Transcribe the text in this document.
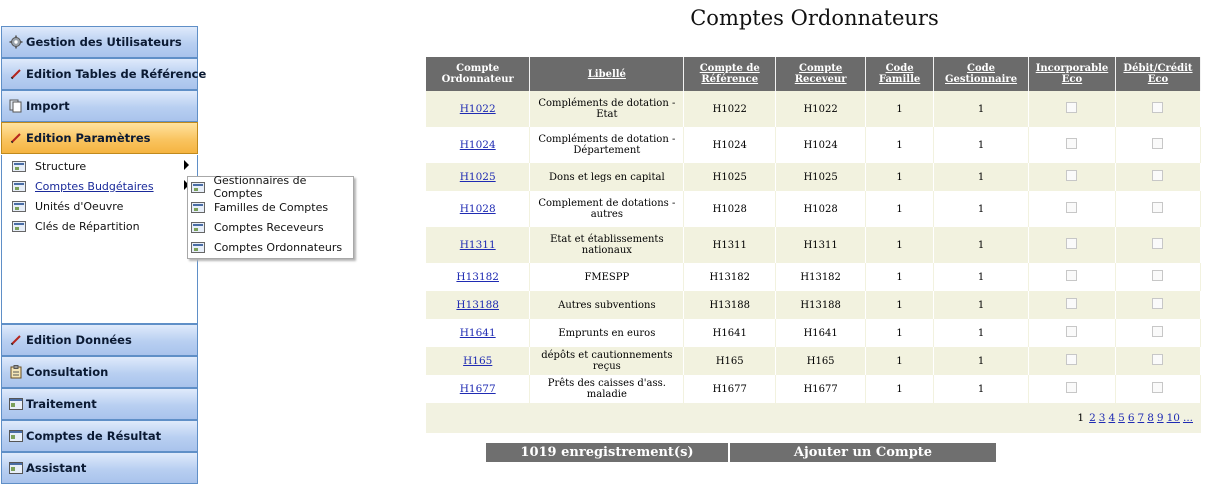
Gestion des Utilisateurs
Edition Tables de Référence
Import
Edition Paramètres
Structure
Comptes Budgétaires
Unités d'Oeuvre
Clés de Répartition
Edition Données
Consultation
Traitement
Comptes de Résultat
Assistant
Gestionnaires de Comptes
Familles de Comptes
Comptes Receveurs
Comptes Ordonnateurs
Comptes Ordonnateurs
Compte Ordonnateur	Libellé	Compte de Référence	Compte Receveur	Code Famille	Code Gestionnaire	Incorporable Eco	Débit/Crédit Eco
H1022	Compléments de dotation - Etat	H1022	H1022	1	1		
H1024	Compléments de dotation - Département	H1024	H1024	1	1		
H1025	Dons et legs en capital	H1025	H1025	1	1		
H1028	Complement de dotations - autres	H1028	H1028	1	1		
H1311	Etat et établissements nationaux	H1311	H1311	1	1		
H13182	FMESPP	H13182	H13182	1	1		
H13188	Autres subventions	H13188	H13188	1	1		
H1641	Emprunts en euros	H1641	H1641	1	1		
H165	dépôts et cautionnements reçus	H165	H165	1	1		
H1677	Prêts des caisses d'ass. maladie	H1677	H1677	1	1		
1 2 3 4 5 6 7 8 9 10 ...
1019 enregistrement(s)	Ajouter un Compte
